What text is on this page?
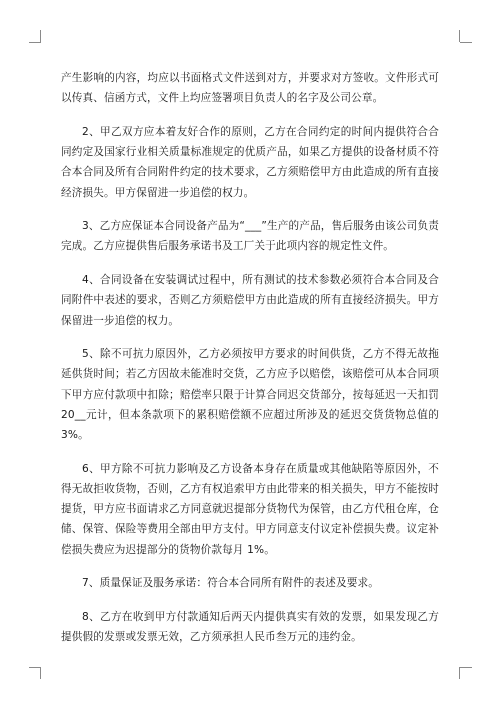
产生影响的内容，均应以书面格式文件送到对方，并要求对方签收。文件形式可以传真、信函方式，文件上均应签署项目负责人的名字及公司公章。

2、甲乙双方应本着友好合作的原则，乙方在合同约定的时间内提供符合合同约定及国家行业相关质量标准规定的优质产品，如果乙方提供的设备材质不符合本合同及所有合同附件约定的技术要求，乙方须赔偿甲方由此造成的所有直接经济损失。甲方保留进一步追偿的权力。

3、乙方应保证本合同设备产品为“___”生产的产品，售后服务由该公司负责完成。乙方应提供售后服务承诺书及工厂关于此项内容的规定性文件。

4、合同设备在安装调试过程中，所有测试的技术参数必须符合本合同及合同附件中表述的要求，否则乙方须赔偿甲方由此造成的所有直接经济损失。甲方保留进一步追偿的权力。

5、除不可抗力原因外，乙方必须按甲方要求的时间供货，乙方不得无故拖延供货时间；若乙方因故未能准时交货，乙方应予以赔偿，该赔偿可从本合同项下甲方应付款项中扣除；赔偿率只限于计算合同迟交货部分，按每延迟一天扣罚 20__元计，但本条款项下的累积赔偿额不应超过所涉及的延迟交货货物总值的 3%。

6、甲方除不可抗力影响及乙方设备本身存在质量或其他缺陷等原因外，不得无故拒收货物，否则，乙方有权追索甲方由此带来的相关损失，甲方不能按时提货，甲方应书面请求乙方同意就迟提部分货物代为保管，由乙方代租仓库，仓储、保管、保险等费用全部由甲方支付。甲方同意支付议定补偿损失费。议定补偿损失费应为迟提部分的货物价款每月 1%。

7、质量保证及服务承诺：符合本合同所有附件的表述及要求。

8、乙方在收到甲方付款通知后两天内提供真实有效的发票，如果发现乙方提供假的发票或发票无效，乙方须承担人民币叁万元的违约金。
